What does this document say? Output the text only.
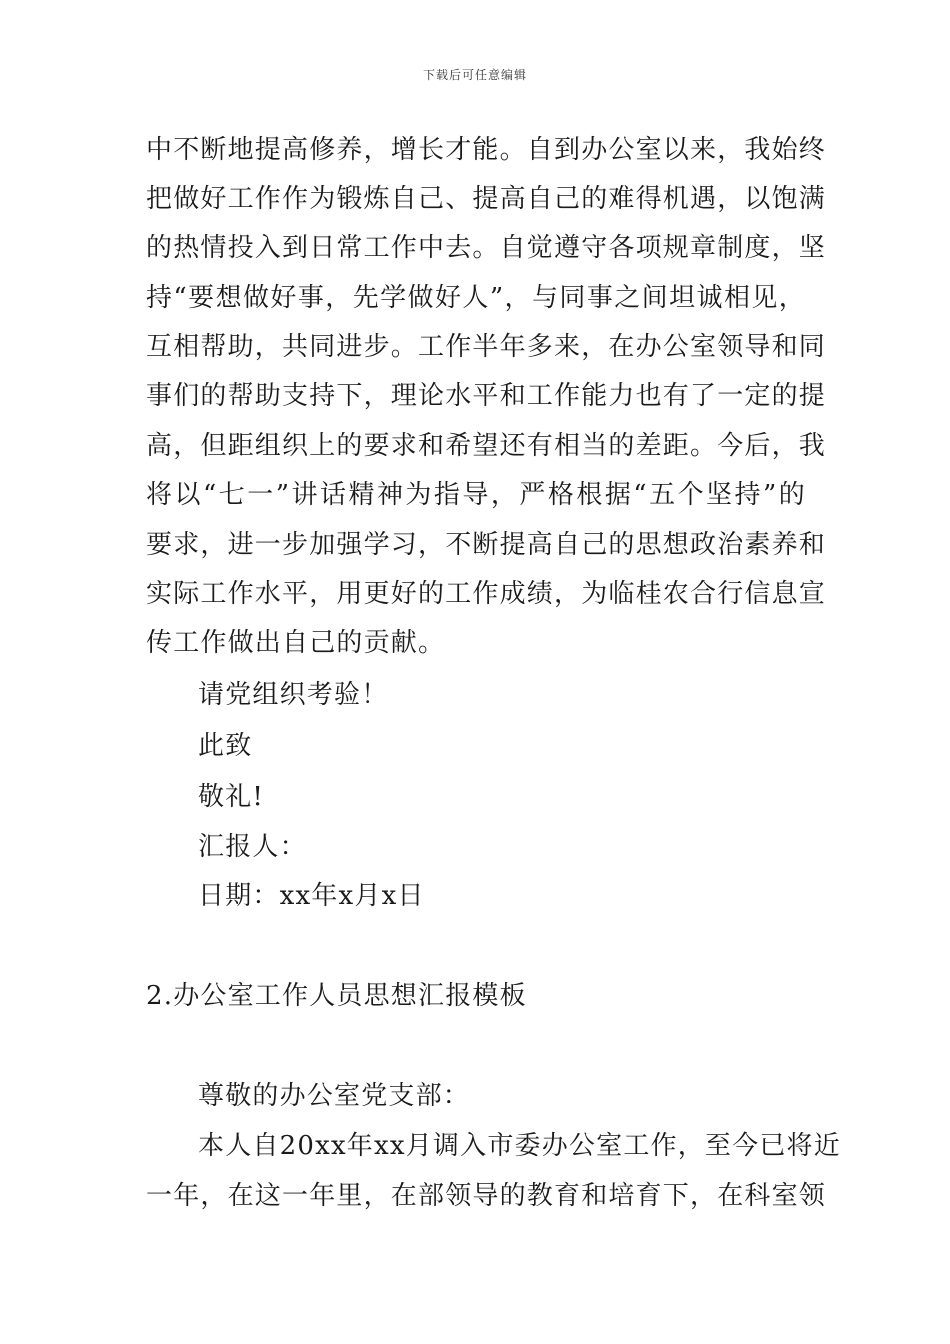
下载后可任意编辑
中不断地提高修养，增长才能。自到办公室以来，我始终
把做好工作作为锻炼自己、提高自己的难得机遇，以饱满
的热情投入到日常工作中去。自觉遵守各项规章制度，坚
持“要想做好事，先学做好人”，与同事之间坦诚相见，
互相帮助，共同进步。工作半年多来，在办公室领导和同
事们的帮助支持下，理论水平和工作能力也有了一定的提
高，但距组织上的要求和希望还有相当的差距。今后，我
将以“七一”讲话精神为指导，严格根据“五个坚持”的
要求，进一步加强学习，不断提高自己的思想政治素养和
实际工作水平，用更好的工作成绩，为临桂农合行信息宣
传工作做出自己的贡献。
请党组织考验！
此致
敬礼!
汇报人：
日期：xx年x月x日
2.办公室工作人员思想汇报模板
尊敬的办公室党支部：
本人自20xx年xx月调入市委办公室工作，至今已将近
一年，在这一年里，在部领导的教育和培育下，在科室领
